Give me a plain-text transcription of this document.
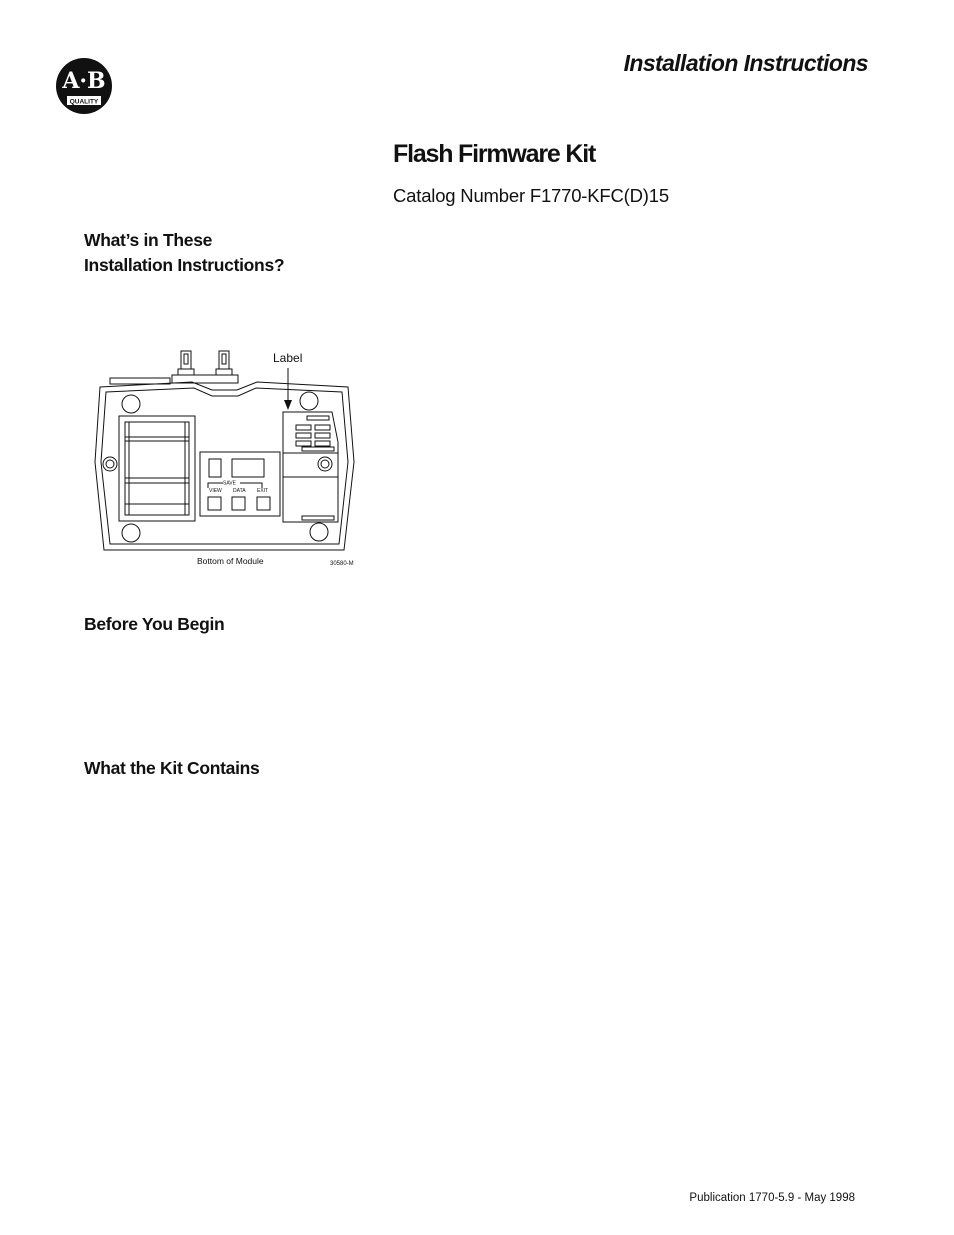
A·B
QUALITY
Installation Instructions
Flash Firmware Kit
Catalog Number F1770-KFC(D)15
What’s in These
Installation Instructions?
Label
SAVE
VIEW DATA EXIT
Bottom of Module	30580-M
Before You Begin
What the Kit Contains
Publication 1770-5.9 - May 1998
